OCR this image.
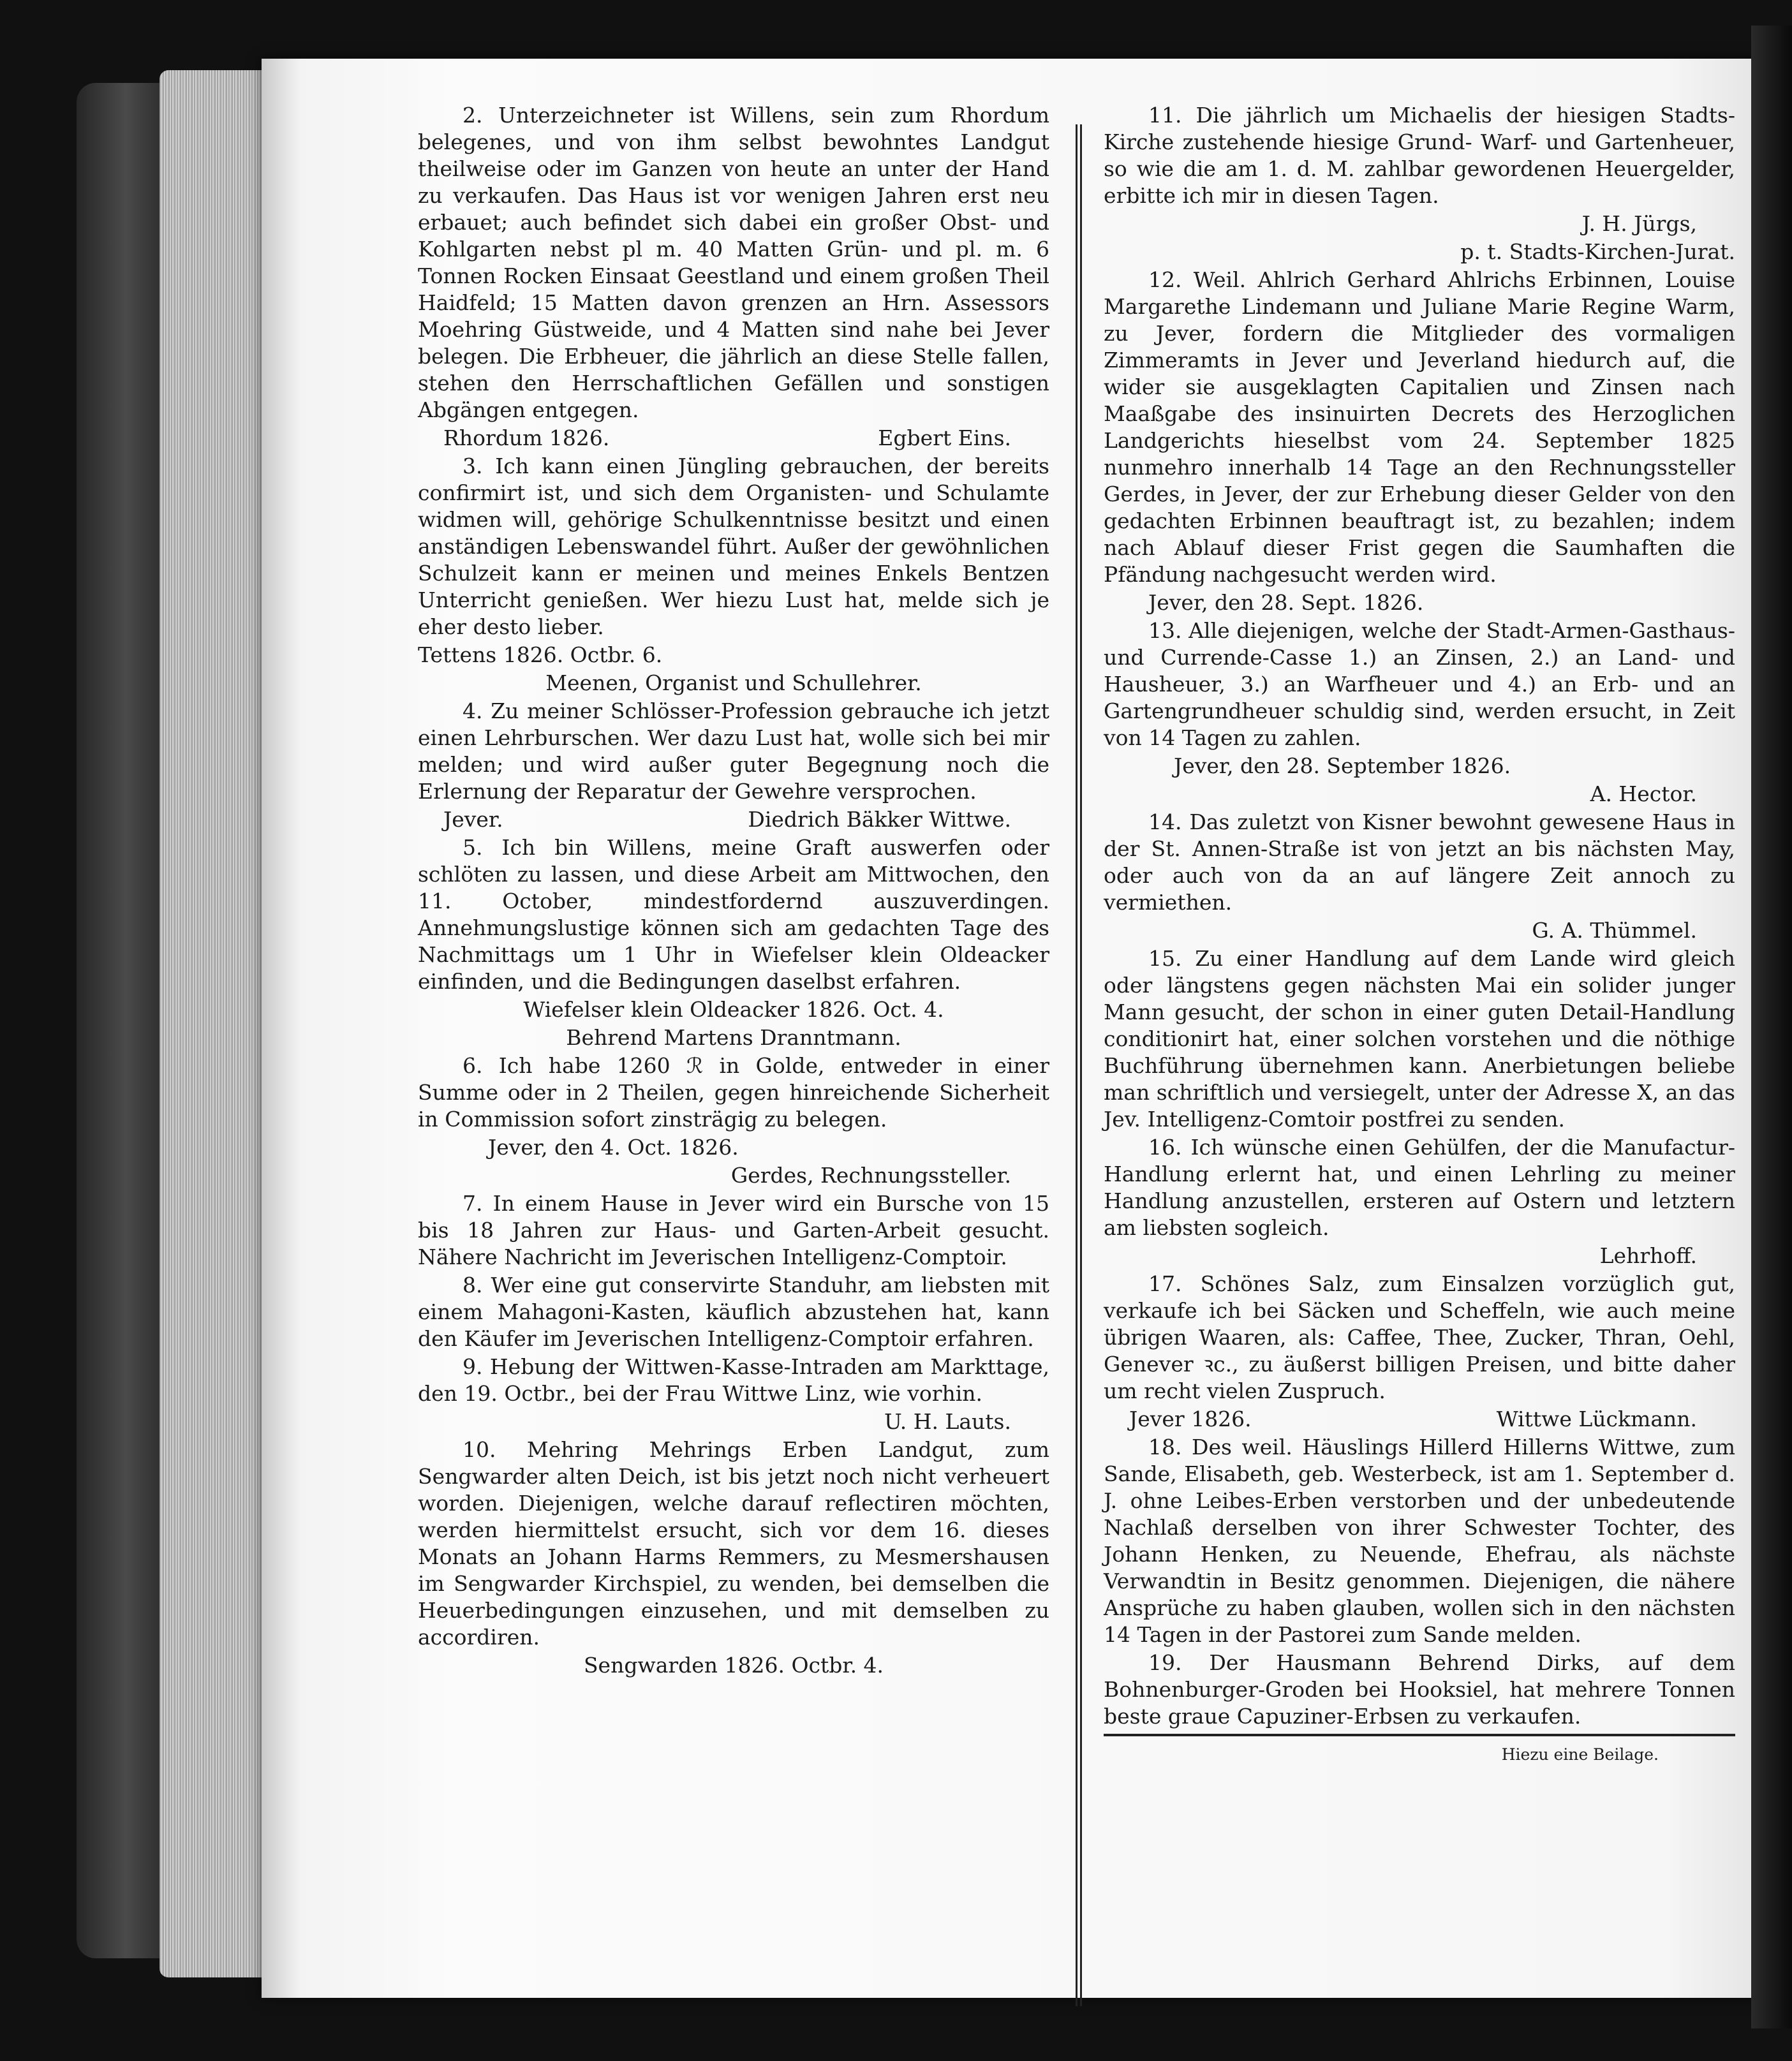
2. Unterzeichneter ist Willens, sein zum Rhordum belegenes, und von ihm selbst bewohntes Landgut theilweise oder im Ganzen von heute an unter der Hand zu verkaufen. Das Haus ist vor wenigen Jahren erst neu erbauet; auch befindet sich dabei ein großer Obst- und Kohlgarten nebst pl m. 40 Matten Grün- und pl. m. 6 Tonnen Rocken Einsaat Geestland und einem großen Theil Haidfeld; 15 Matten davon grenzen an Hrn. Assessors Moehring Güstweide, und 4 Matten sind nahe bei Jever belegen. Die Erbheuer, die jährlich an diese Stelle fallen, stehen den Herrschaftlichen Gefällen und sonstigen Abgängen entgegen.

Rhordum 1826.	Egbert Eins.

3. Ich kann einen Jüngling gebrauchen, der bereits confirmirt ist, und sich dem Organisten- und Schulamte widmen will, gehörige Schulkenntnisse besitzt und einen anständigen Lebenswandel führt. Außer der gewöhnlichen Schulzeit kann er meinen und meines Enkels Bentzen Unterricht genießen. Wer hiezu Lust hat, melde sich je eher desto lieber.

Tettens 1826. Octbr. 6.
Meenen, Organist und Schullehrer.

4. Zu meiner Schlösser-Profession gebrauche ich jetzt einen Lehrburschen. Wer dazu Lust hat, wolle sich bei mir melden; und wird außer guter Begegnung noch die Erlernung der Reparatur der Gewehre versprochen.

Jever.	Diedrich Bäkker Wittwe.

5. Ich bin Willens, meine Graft auswerfen oder schlöten zu lassen, und diese Arbeit am Mittwochen, den 11. October, mindestfordernd auszuverdingen. Annehmungslustige können sich am gedachten Tage des Nachmittags um 1 Uhr in Wiefelser klein Oldeacker einfinden, und die Bedingungen daselbst erfahren.

Wiefelser klein Oldeacker 1826. Oct. 4.
Behrend Martens Dranntmann.

6. Ich habe 1260 ℛ in Golde, entweder in einer Summe oder in 2 Theilen, gegen hinreichende Sicherheit in Commission sofort zinsträgig zu belegen.

Jever, den 4. Oct. 1826.
Gerdes, Rechnungssteller.

7. In einem Hause in Jever wird ein Bursche von 15 bis 18 Jahren zur Haus- und Garten-Arbeit gesucht. Nähere Nachricht im Jeverischen Intelligenz-Comptoir.

8. Wer eine gut conservirte Standuhr, am liebsten mit einem Mahagoni-Kasten, käuflich abzustehen hat, kann den Käufer im Jeverischen Intelligenz-Comptoir erfahren.

9. Hebung der Wittwen-Kasse-Intraden am Markttage, den 19. Octbr., bei der Frau Wittwe Linz, wie vorhin.

U. H. Lauts.

10. Mehring Mehrings Erben Landgut, zum Sengwarder alten Deich, ist bis jetzt noch nicht verheuert worden. Diejenigen, welche darauf reflectiren möchten, werden hiermittelst ersucht, sich vor dem 16. dieses Monats an Johann Harms Remmers, zu Mesmershausen im Sengwarder Kirchspiel, zu wenden, bei demselben die Heuerbedingungen einzusehen, und mit demselben zu accordiren.

Sengwarden 1826. Octbr. 4.

11. Die jährlich um Michaelis der hiesigen Stadts-Kirche zustehende hiesige Grund- Warf- und Gartenheuer, so wie die am 1. d. M. zahlbar gewordenen Heuergelder, erbitte ich mir in diesen Tagen.

J. H. Jürgs,
p. t. Stadts-Kirchen-Jurat.

12. Weil. Ahlrich Gerhard Ahlrichs Erbinnen, Louise Margarethe Lindemann und Juliane Marie Regine Warm, zu Jever, fordern die Mitglieder des vormaligen Zimmeramts in Jever und Jeverland hiedurch auf, die wider sie ausgeklagten Capitalien und Zinsen nach Maaßgabe des insinuirten Decrets des Herzoglichen Landgerichts hieselbst vom 24. September 1825 nunmehro innerhalb 14 Tage an den Rechnungssteller Gerdes, in Jever, der zur Erhebung dieser Gelder von den gedachten Erbinnen beauftragt ist, zu bezahlen; indem nach Ablauf dieser Frist gegen die Saumhaften die Pfändung nachgesucht werden wird.

Jever, den 28. Sept. 1826.

13. Alle diejenigen, welche der Stadt-Armen-Gasthaus- und Currende-Casse 1.) an Zinsen, 2.) an Land- und Hausheuer, 3.) an Warfheuer und 4.) an Erb- und an Gartengrundheuer schuldig sind, werden ersucht, in Zeit von 14 Tagen zu zahlen.

Jever, den 28. September 1826.
A. Hector.

14. Das zuletzt von Kisner bewohnt gewesene Haus in der St. Annen-Straße ist von jetzt an bis nächsten May, oder auch von da an auf längere Zeit annoch zu vermiethen.

G. A. Thümmel.

15. Zu einer Handlung auf dem Lande wird gleich oder längstens gegen nächsten Mai ein solider junger Mann gesucht, der schon in einer guten Detail-Handlung conditionirt hat, einer solchen vorstehen und die nöthige Buchführung übernehmen kann. Anerbietungen beliebe man schriftlich und versiegelt, unter der Adresse X, an das Jev. Intelligenz-Comtoir postfrei zu senden.

16. Ich wünsche einen Gehülfen, der die Manufactur-Handlung erlernt hat, und einen Lehrling zu meiner Handlung anzustellen, ersteren auf Ostern und letztern am liebsten sogleich.

Lehrhoff.

17. Schönes Salz, zum Einsalzen vorzüglich gut, verkaufe ich bei Säcken und Scheffeln, wie auch meine übrigen Waaren, als: Caffee, Thee, Zucker, Thran, Oehl, Genever ꝛc., zu äußerst billigen Preisen, und bitte daher um recht vielen Zuspruch.

Jever 1826.	Wittwe Lückmann.

18. Des weil. Häuslings Hillerd Hillerns Wittwe, zum Sande, Elisabeth, geb. Westerbeck, ist am 1. September d. J. ohne Leibes-Erben verstorben und der unbedeutende Nachlaß derselben von ihrer Schwester Tochter, des Johann Henken, zu Neuende, Ehefrau, als nächste Verwandtin in Besitz genommen. Diejenigen, die nähere Ansprüche zu haben glauben, wollen sich in den nächsten 14 Tagen in der Pastorei zum Sande melden.

19. Der Hausmann Behrend Dirks, auf dem Bohnenburger-Groden bei Hooksiel, hat mehrere Tonnen beste graue Capuziner-Erbsen zu verkaufen.

Hiezu eine Beilage.
